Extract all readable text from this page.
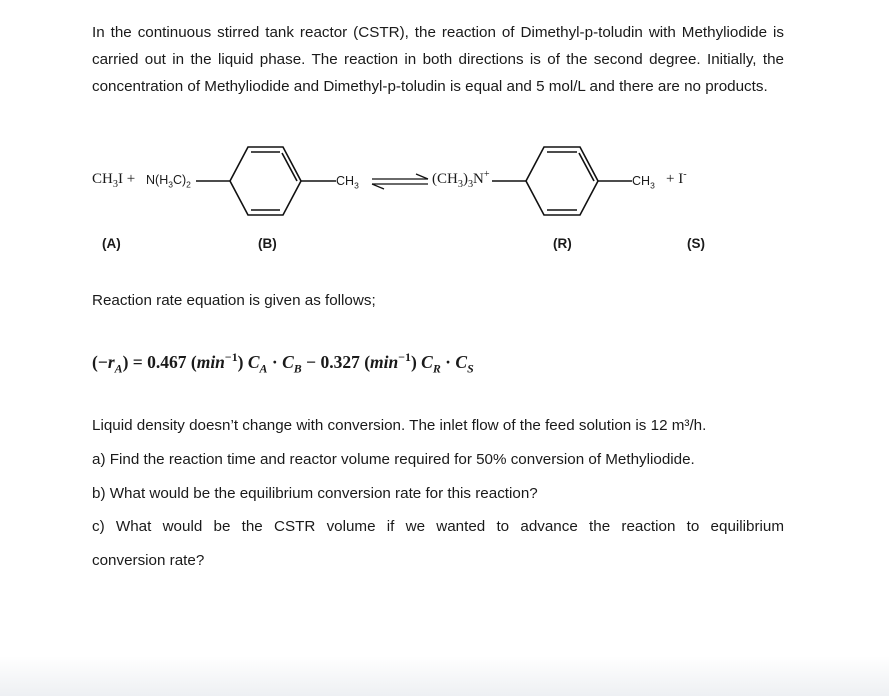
In the continuous stirred tank reactor (CSTR), the reaction of Dimethyl-p-toludin with Methyliodide is carried out in the liquid phase. The reaction in both directions is of the second degree. Initially, the concentration of Methyliodide and Dimethyl-p-toludin is equal and 5 mol/L and there are no products.

$CH_3I + N(H_3C)_2$	$CH_3$	$(CH_3)_3N^+$	$CH_3 + I^-$
(A)	(B)	(R)	(S)

Reaction rate equation is given as follows;

$(-r_A) = 0.467$ $(\min^{-1}) C_A \cdot C_B - 0.327$ $(\min^{-1}) C_R \cdot C_S$

Liquid density doesn’t change with conversion. The inlet flow of the feed solution is 12 m³/h.

a) Find the reaction time and reactor volume required for 50% conversion of Methyliodide.

b) What would be the equilibrium conversion rate for this reaction?

c) What would be the CSTR volume if we wanted to advance the reaction to equilibrium

conversion rate?
